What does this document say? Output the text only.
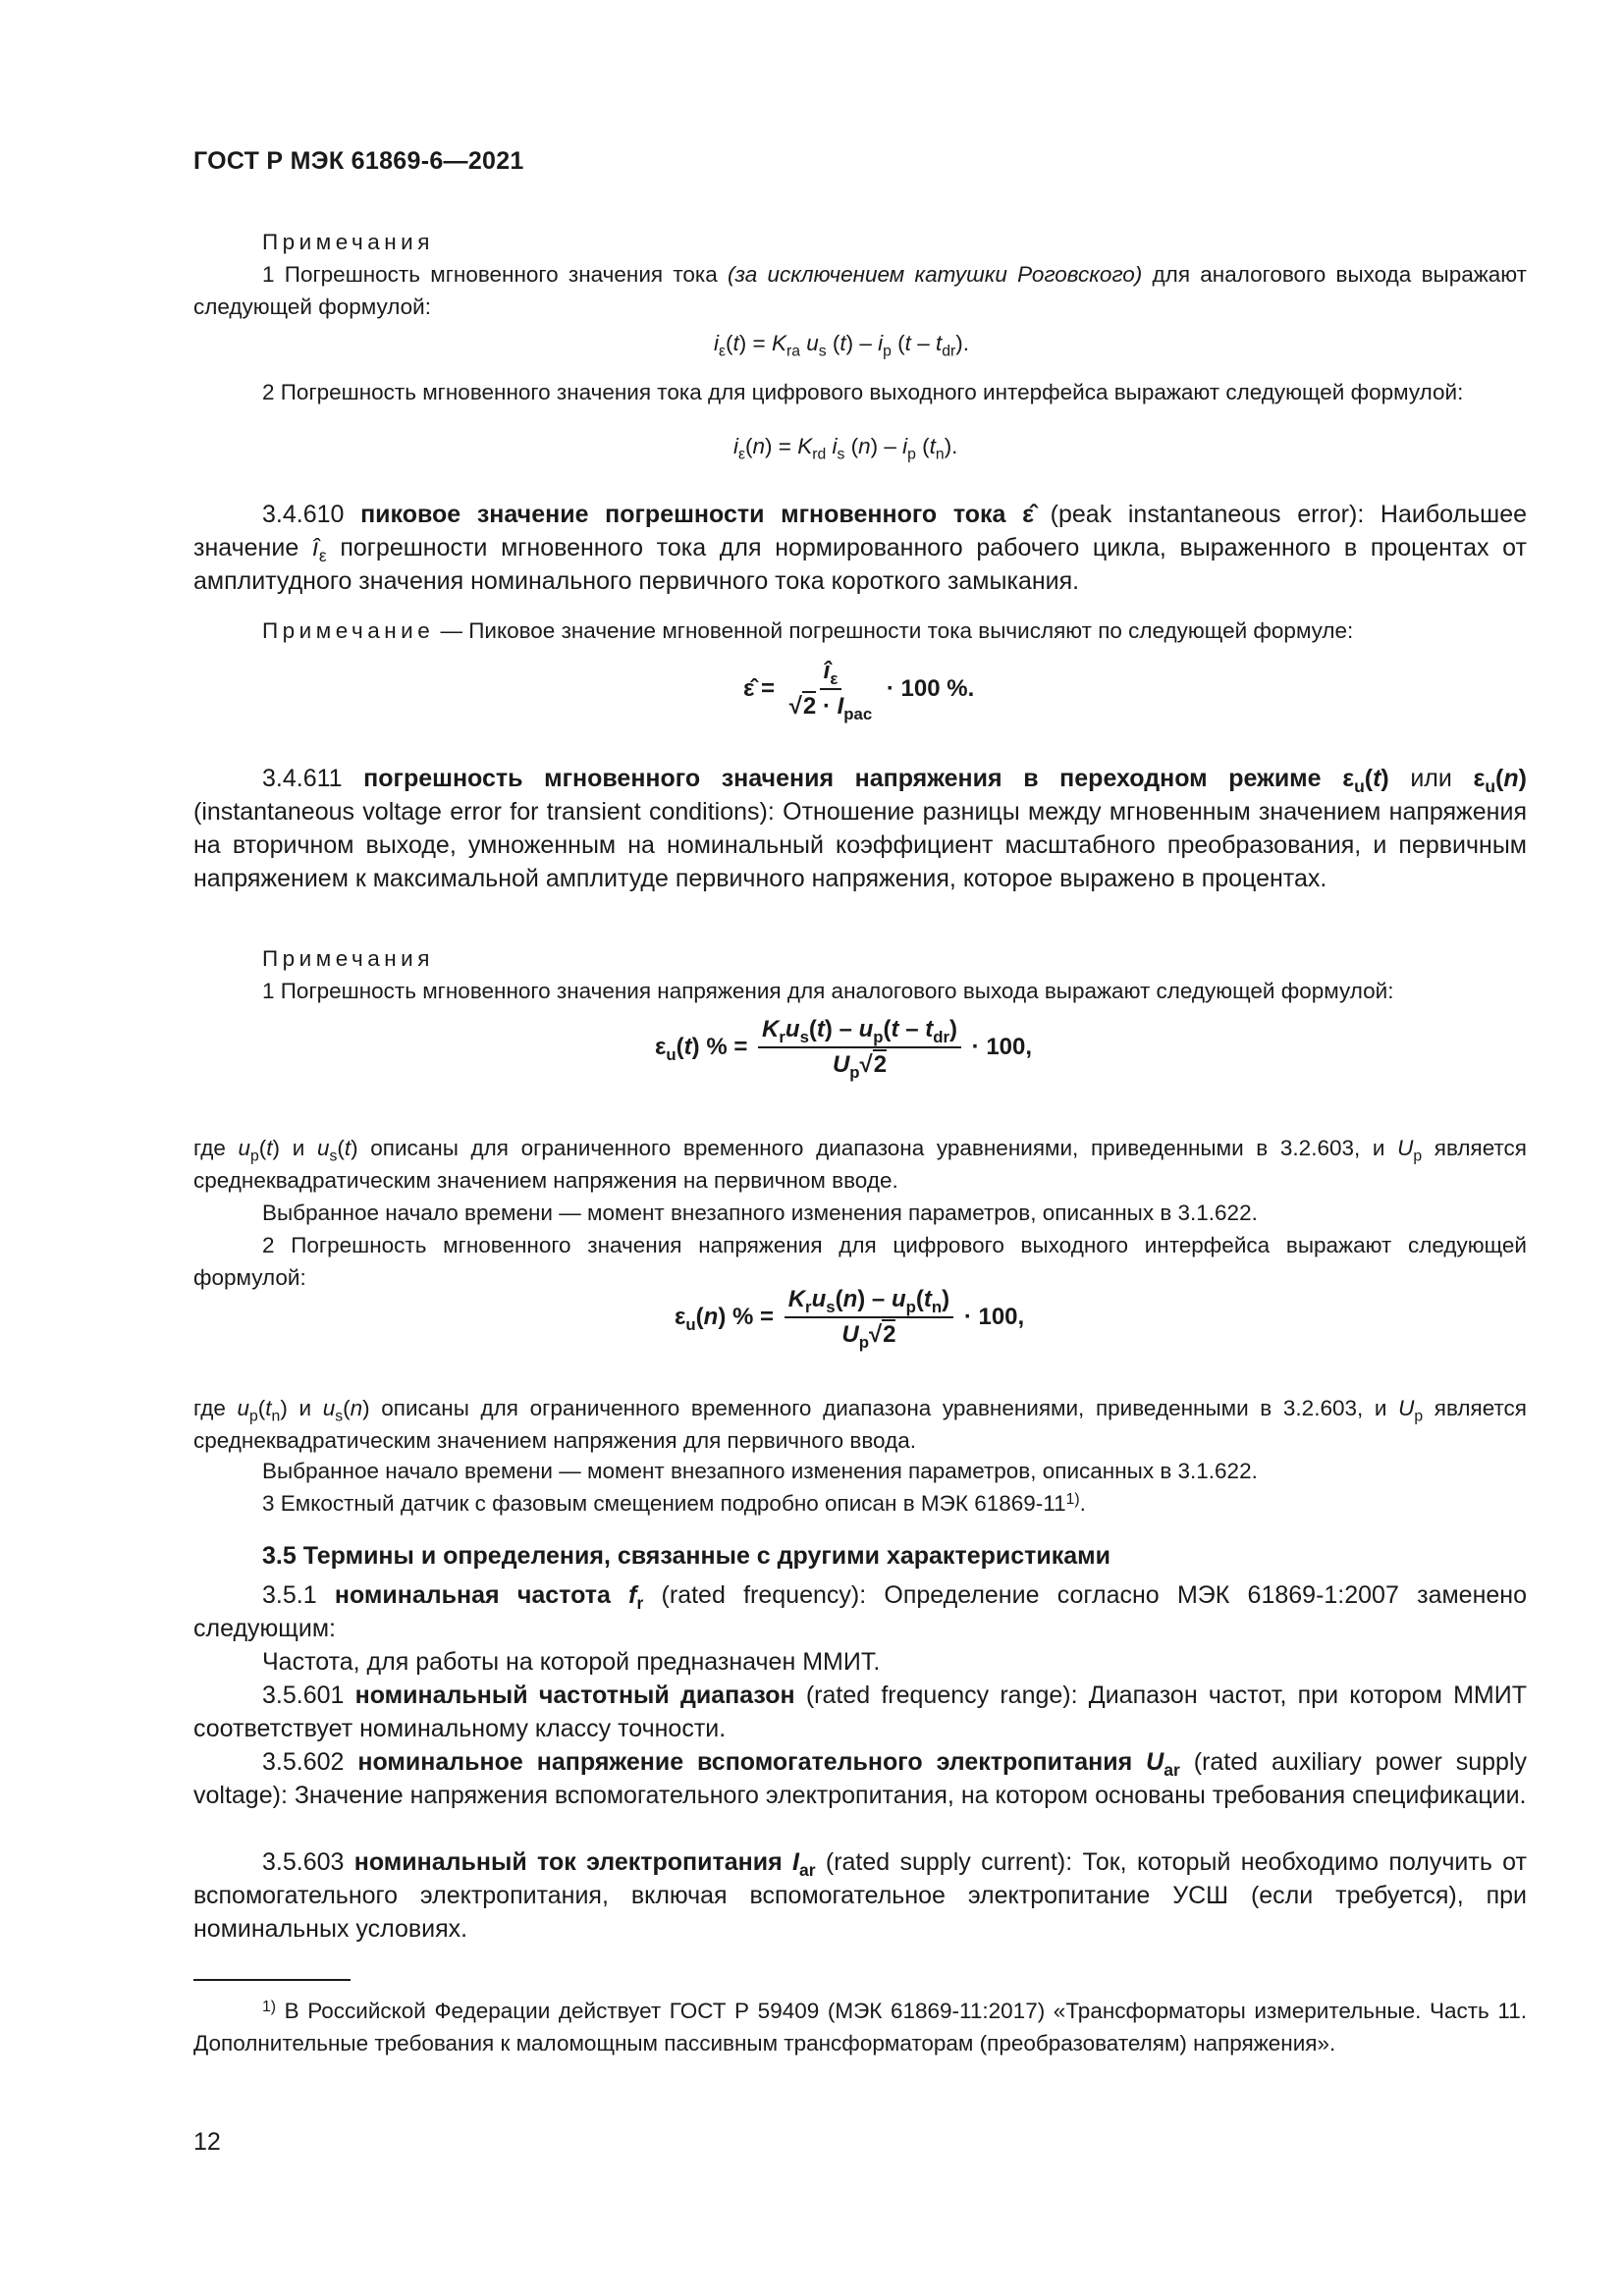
ГОСТ Р МЭК 61869-6—2021
Примечания
1 Погрешность мгновенного значения тока (за исключением катушки Роговского) для аналогового выхода выражают следующей формулой:
$i_\varepsilon(t) = K_{ra}$ $u_s$ $(t) - i_p$ $(t - t_{dr})$.
2 Погрешность мгновенного значения тока для цифрового выходного интерфейса выражают следующей формулой:
$i_\varepsilon(n) = K_{rd}$ $i_s$ $(n) - i_p$ $(t_n)$.
3.4.610 пиковое значение погрешности мгновенного тока ε̂ (peak instantaneous error): Наибольшее значение $î_\varepsilon$ погрешности мгновенного тока для нормированного рабочего цикла, выраженного в процентах от амплитудного значения номинального первичного тока короткого замыкания.
Примечание — Пиковое значение мгновенной погрешности тока вычисляют по следующей формуле:
ε̂ = $\frac{î_\varepsilon}{√2 \cdot I_{pac}} \cdot 100$ %.
3.4.611 погрешность мгновенного значения напряжения в переходном режиме $\varepsilon_u(t)$ или $\varepsilon_u(n)$ (instantaneous voltage error for transient conditions): Отношение разницы между мгновенным значением напряжения на вторичном выходе, умноженным на номинальный коэффициент масштабного преобразования, и первичным напряжением к максимальной амплитуде первичного напряжения, которое выражено в процентах.
Примечания
1 Погрешность мгновенного значения напряжения для аналогового выхода выражают следующей формулой:
$\varepsilon_u(t)$ % = $\frac{K_ru_s(t) - u_p(t - t_{dr})}{U_p√2} \cdot 100$,
где $u_p(t)$ и $u_s(t)$ описаны для ограниченного временного диапазона уравнениями, приведенными в 3.2.603, и $U_p$ является среднеквадратическим значением напряжения на первичном вводе.
Выбранное начало времени — момент внезапного изменения параметров, описанных в 3.1.622.
2 Погрешность мгновенного значения напряжения для цифрового выходного интерфейса выражают следующей формулой:
$\varepsilon_u(n)$ % = $\frac{K_ru_s(n) - u_p(t_n)}{U_p√2} \cdot 100$,
где $u_p(t_n)$ и $u_s(n)$ описаны для ограниченного временного диапазона уравнениями, приведенными в 3.2.603, и $U_p$ является среднеквадратическим значением напряжения для первичного ввода.
Выбранное начало времени — момент внезапного изменения параметров, описанных в 3.1.622.
3 Емкостный датчик с фазовым смещением подробно описан в МЭК 61869-11$^{1)}$.
3.5 Термины и определения, связанные с другими характеристиками
3.5.1 номинальная частота $f_r$ (rated frequency): Определение согласно МЭК 61869-1:2007 заменено следующим:
Частота, для работы на которой предназначен ММИТ.
3.5.601 номинальный частотный диапазон (rated frequency range): Диапазон частот, при котором ММИТ соответствует номинальному классу точности.
3.5.602 номинальное напряжение вспомогательного электропитания $U_{ar}$ (rated auxiliary power supply voltage): Значение напряжения вспомогательного электропитания, на котором основаны требования спецификации.
3.5.603 номинальный ток электропитания $I_{ar}$ (rated supply current): Ток, который необходимо получить от вспомогательного электропитания, включая вспомогательное электропитание УСШ (если требуется), при номинальных условиях.
$^{1)}$ В Российской Федерации действует ГОСТ Р 59409 (МЭК 61869-11:2017) «Трансформаторы измерительные. Часть 11. Дополнительные требования к маломощным пассивным трансформаторам (преобразователям) напряжения».
12
